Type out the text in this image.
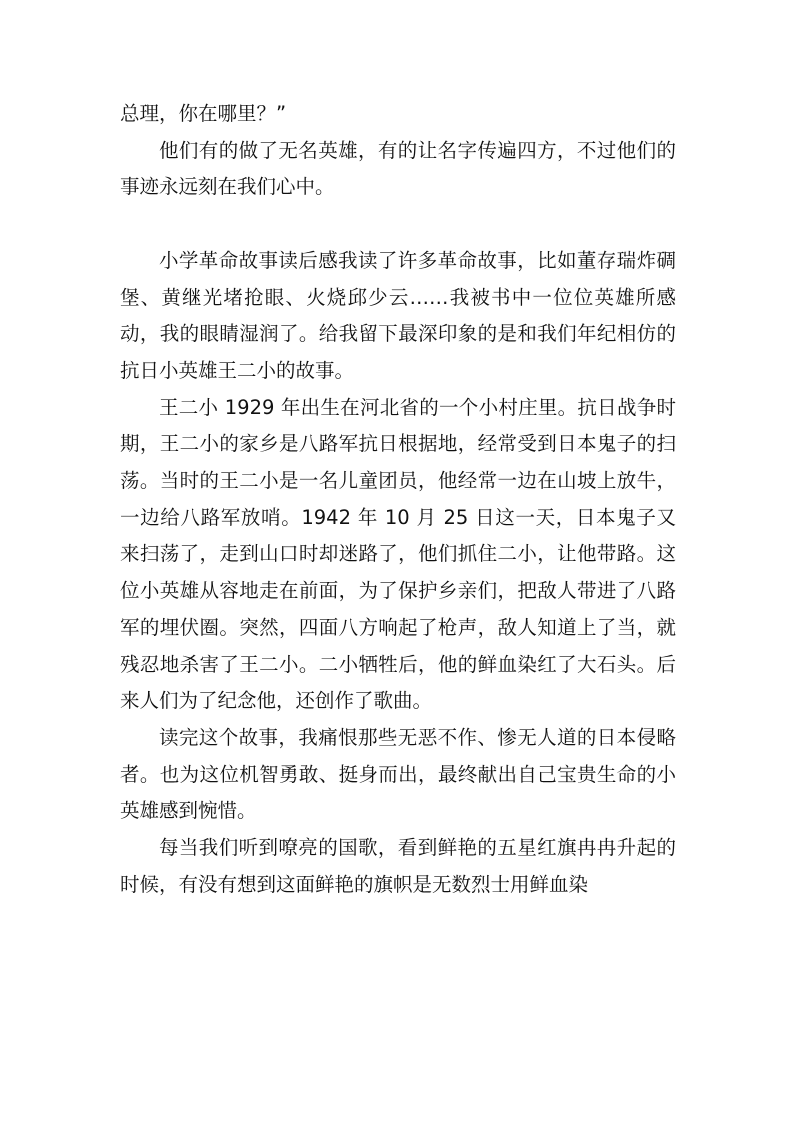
总理，你在哪里？”

他们有的做了无名英雄，有的让名字传遍四方，不过他们的事迹永远刻在我们心中。

小学革命故事读后感我读了许多革命故事，比如董存瑞炸碉堡、黄继光堵抢眼、火烧邱少云……我被书中一位位英雄所感动，我的眼睛湿润了。给我留下最深印象的是和我们年纪相仿的抗日小英雄王二小的故事。

王二小 1929 年出生在河北省的一个小村庄里。抗日战争时期，王二小的家乡是八路军抗日根据地，经常受到日本鬼子的扫荡。当时的王二小是一名儿童团员，他经常一边在山坡上放牛，一边给八路军放哨。1942 年 10 月 25 日这一天，日本鬼子又来扫荡了，走到山口时却迷路了，他们抓住二小，让他带路。这位小英雄从容地走在前面，为了保护乡亲们，把敌人带进了八路军的埋伏圈。突然，四面八方响起了枪声，敌人知道上了当，就残忍地杀害了王二小。二小牺牲后，他的鲜血染红了大石头。后来人们为了纪念他，还创作了歌曲。

读完这个故事，我痛恨那些无恶不作、惨无人道的日本侵略者。也为这位机智勇敢、挺身而出，最终献出自己宝贵生命的小英雄感到惋惜。

每当我们听到嘹亮的国歌，看到鲜艳的五星红旗冉冉升起的时候，有没有想到这面鲜艳的旗帜是无数烈士用鲜血染
